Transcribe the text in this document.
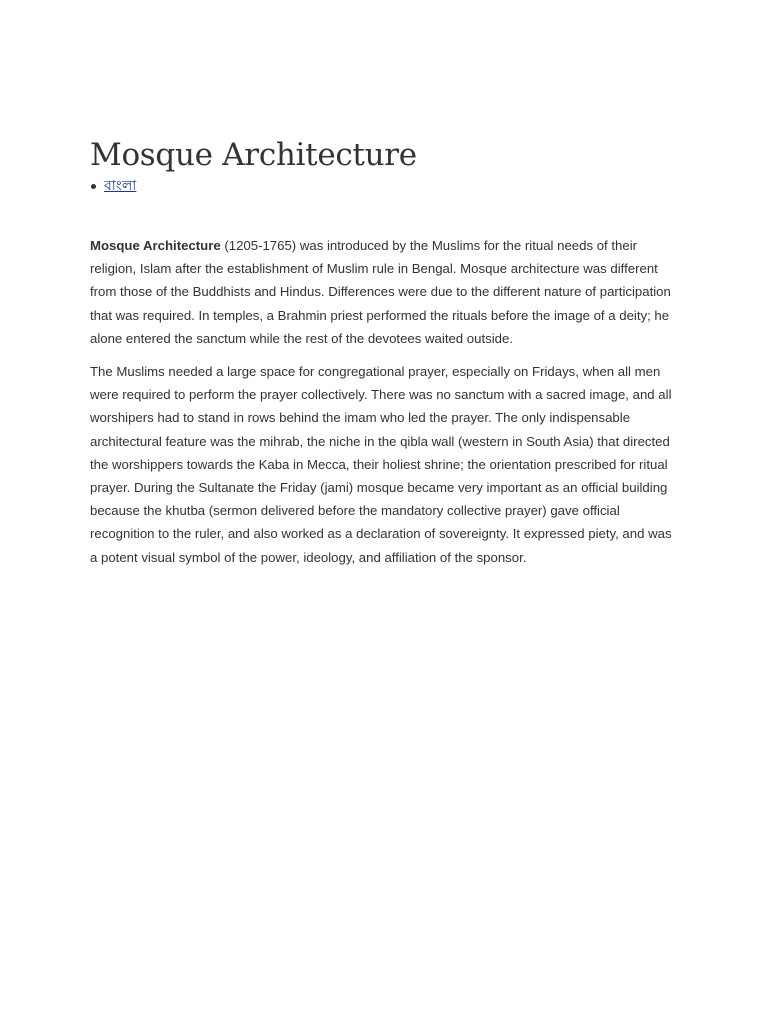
Mosque Architecture
বাংলা

Mosque Architecture (1205-1765) was introduced by the Muslims for the ritual needs of their religion, Islam after the establishment of Muslim rule in Bengal. Mosque architecture was different from those of the Buddhists and Hindus. Differences were due to the different nature of participation that was required. In temples, a Brahmin priest performed the rituals before the image of a deity; he alone entered the sanctum while the rest of the devotees waited outside.

The Muslims needed a large space for congregational prayer, especially on Fridays, when all men were required to perform the prayer collectively. There was no sanctum with a sacred image, and all worshipers had to stand in rows behind the imam who led the prayer. The only indispensable architectural feature was the mihrab, the niche in the qibla wall (western in South Asia) that directed the worshippers towards the Kaba in Mecca, their holiest shrine; the orientation prescribed for ritual prayer. During the Sultanate the Friday (jami) mosque became very important as an official building because the khutba (sermon delivered before the mandatory collective prayer) gave official recognition to the ruler, and also worked as a declaration of sovereignty. It expressed piety, and was a potent visual symbol of the power, ideology, and affiliation of the sponsor.
